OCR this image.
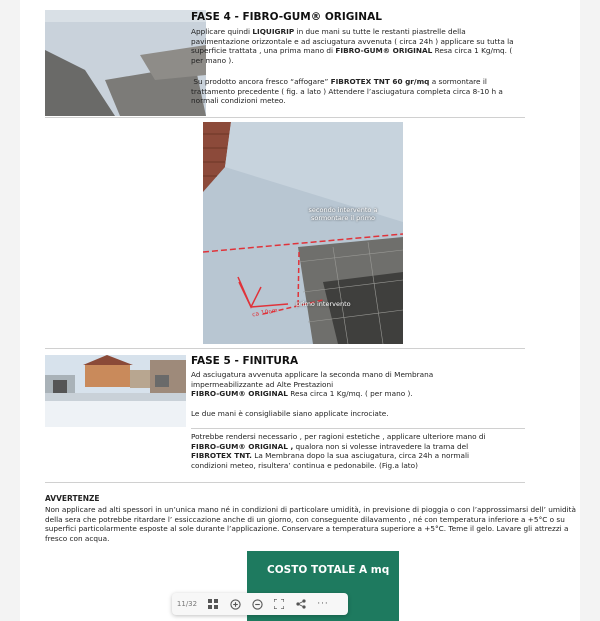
FASE 4 - FIBRO-GUM® ORIGINAL
Applicare quindi LIQUIGRIP in due mani su tutte le restanti piastrelle della pavimentazione orizzontale e ad asciugatura avvenuta ( circa 24h ) applicare su tutta la superficie trattata , una prima mano di FIBRO-GUM® ORIGINAL Resa circa 1 Kg/mq. ( per mano ).
Su prodotto ancora fresco “affogare” FIBROTEX TNT 60 gr/mq a sormontare il trattamento precedente ( fig. a lato ) Attendere l’asciugatura completa circa 8-10 h a normali condizioni meteo.
secondo intervento a sormontare il primo
primo intervento
ca 10cm
FASE 5 - FINITURA
Ad asciugatura avvenuta applicare la seconda mano di Membrana impermeabilizzante ad Alte Prestazioni
FIBRO-GUM® ORIGINAL Resa circa 1 Kg/mq. ( per mano ).
Le due mani è consigliabile siano applicate incrociate.
Potrebbe rendersi necessario , per ragioni estetiche , applicare ulteriore mano di FIBRO-GUM® ORIGINAL , qualora non si volesse intravedere la trama del FIBROTEX TNT. La Membrana dopo la sua asciugatura, circa 24h a normali condizioni meteo, risultera’ continua e pedonabile. (Fig.a lato)
AVVERTENZE
Non applicare ad alti spessori in un’unica mano né in condizioni di particolare umidità, in previsione di pioggia o con l’approssimarsi dell’ umidità della sera che potrebbe ritardare l’ essiccazione anche di un giorno, con conseguente dilavamento , né con temperatura inferiore a +5°C o su superfici particolarmente esposte al sole durante l’applicazione. Conservare a temperatura superiore a +5°C. Teme il gelo. Lavare gli attrezzi a fresco con acqua.
COSTO TOTALE A mq
11/32	···
